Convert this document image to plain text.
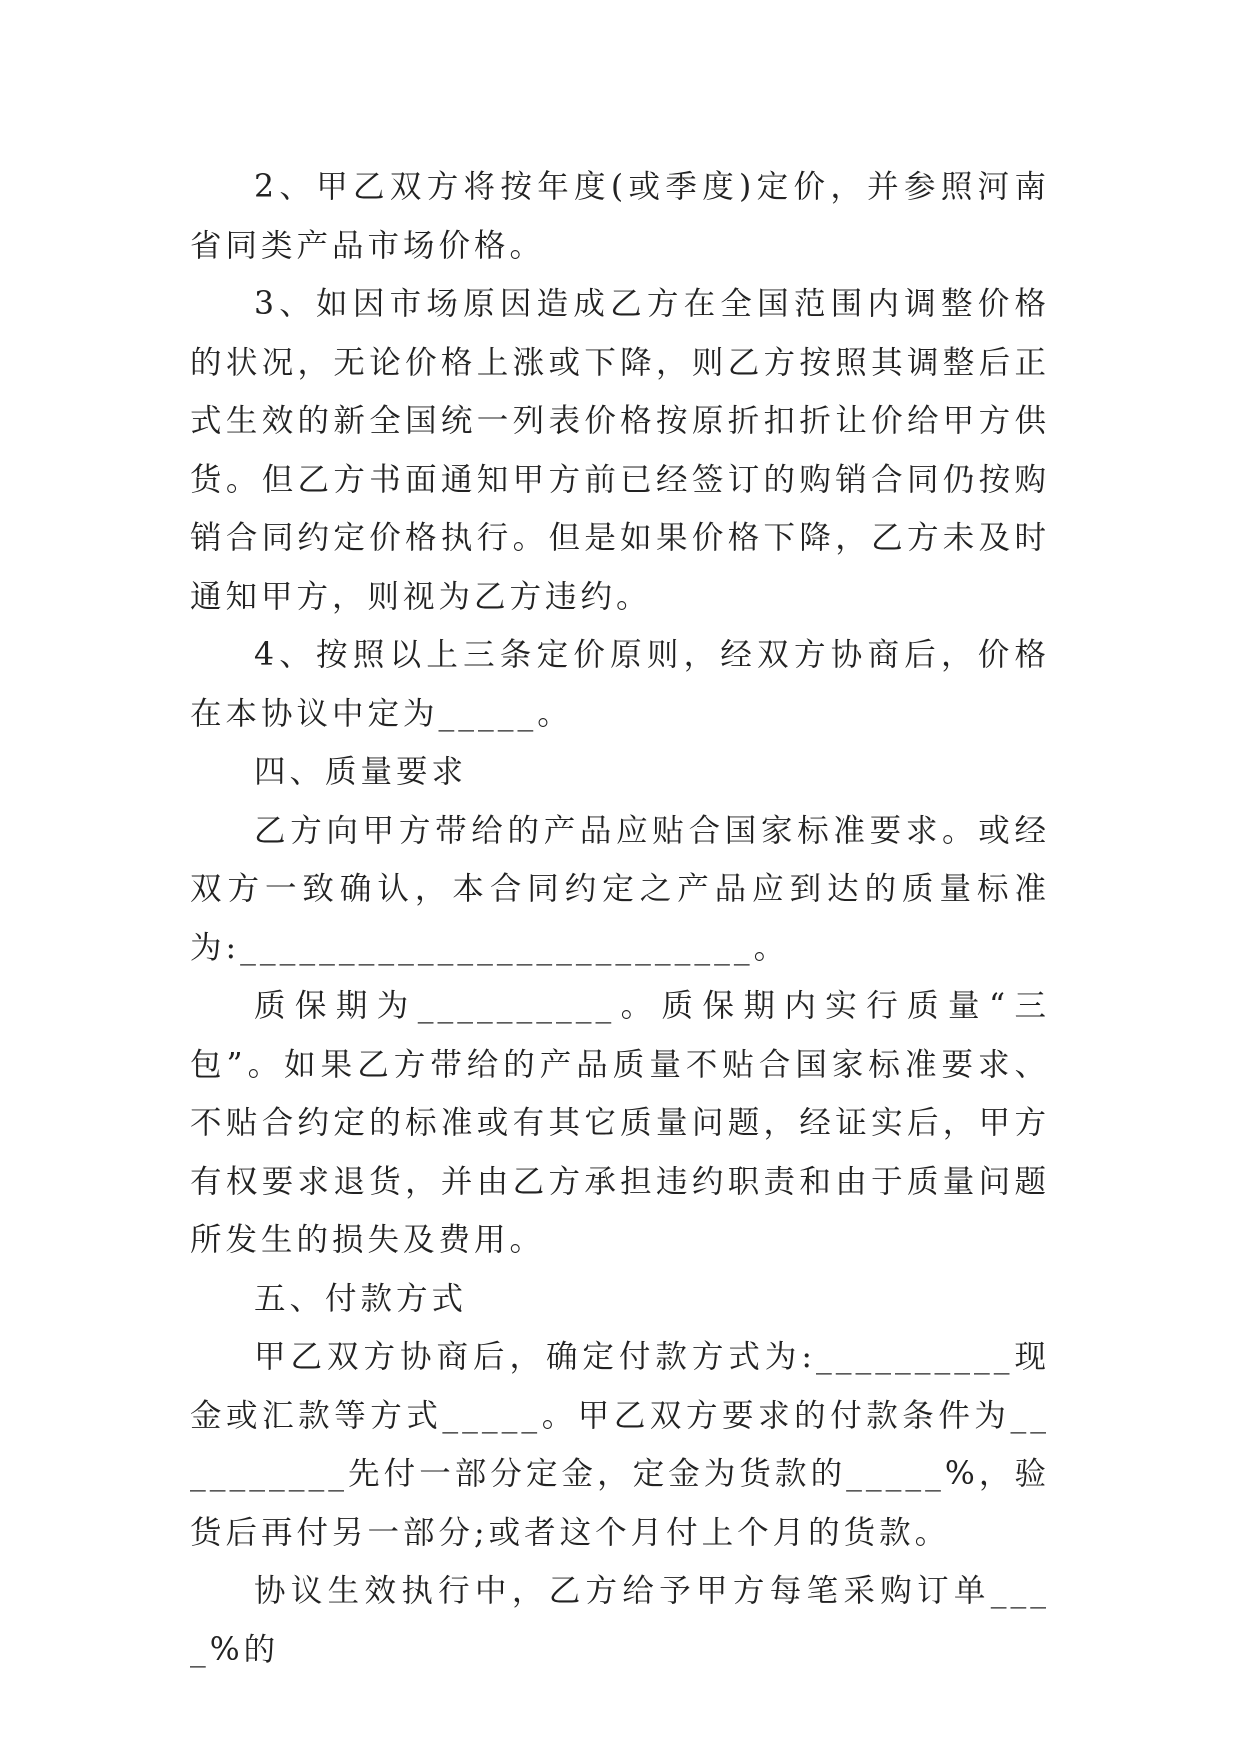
2、甲乙双方将按年度(或季度)定价，并参照河南省同类产品市场价格。

3、如因市场原因造成乙方在全国范围内调整价格的状况，无论价格上涨或下降，则乙方按照其调整后正式生效的新全国统一列表价格按原折扣折让价给甲方供货。但乙方书面通知甲方前已经签订的购销合同仍按购销合同约定价格执行。但是如果价格下降，乙方未及时通知甲方，则视为乙方违约。

4、按照以上三条定价原则，经双方协商后，价格在本协议中定为_____。

四、质量要求

乙方向甲方带给的产品应贴合国家标准要求。或经双方一致确认，本合同约定之产品应到达的质量标准为:__________________________。

质保期为__________。质保期内实行质量“三包”。如果乙方带给的产品质量不贴合国家标准要求、不贴合约定的标准或有其它质量问题，经证实后，甲方有权要求退货，并由乙方承担违约职责和由于质量问题所发生的损失及费用。

五、付款方式

甲乙双方协商后，确定付款方式为:__________现金或汇款等方式_____。甲乙双方要求的付款条件为__________先付一部分定金，定金为货款的_____%，验货后再付另一部分;或者这个月付上个月的货款。

协议生效执行中，乙方给予甲方每笔采购订单____%的
